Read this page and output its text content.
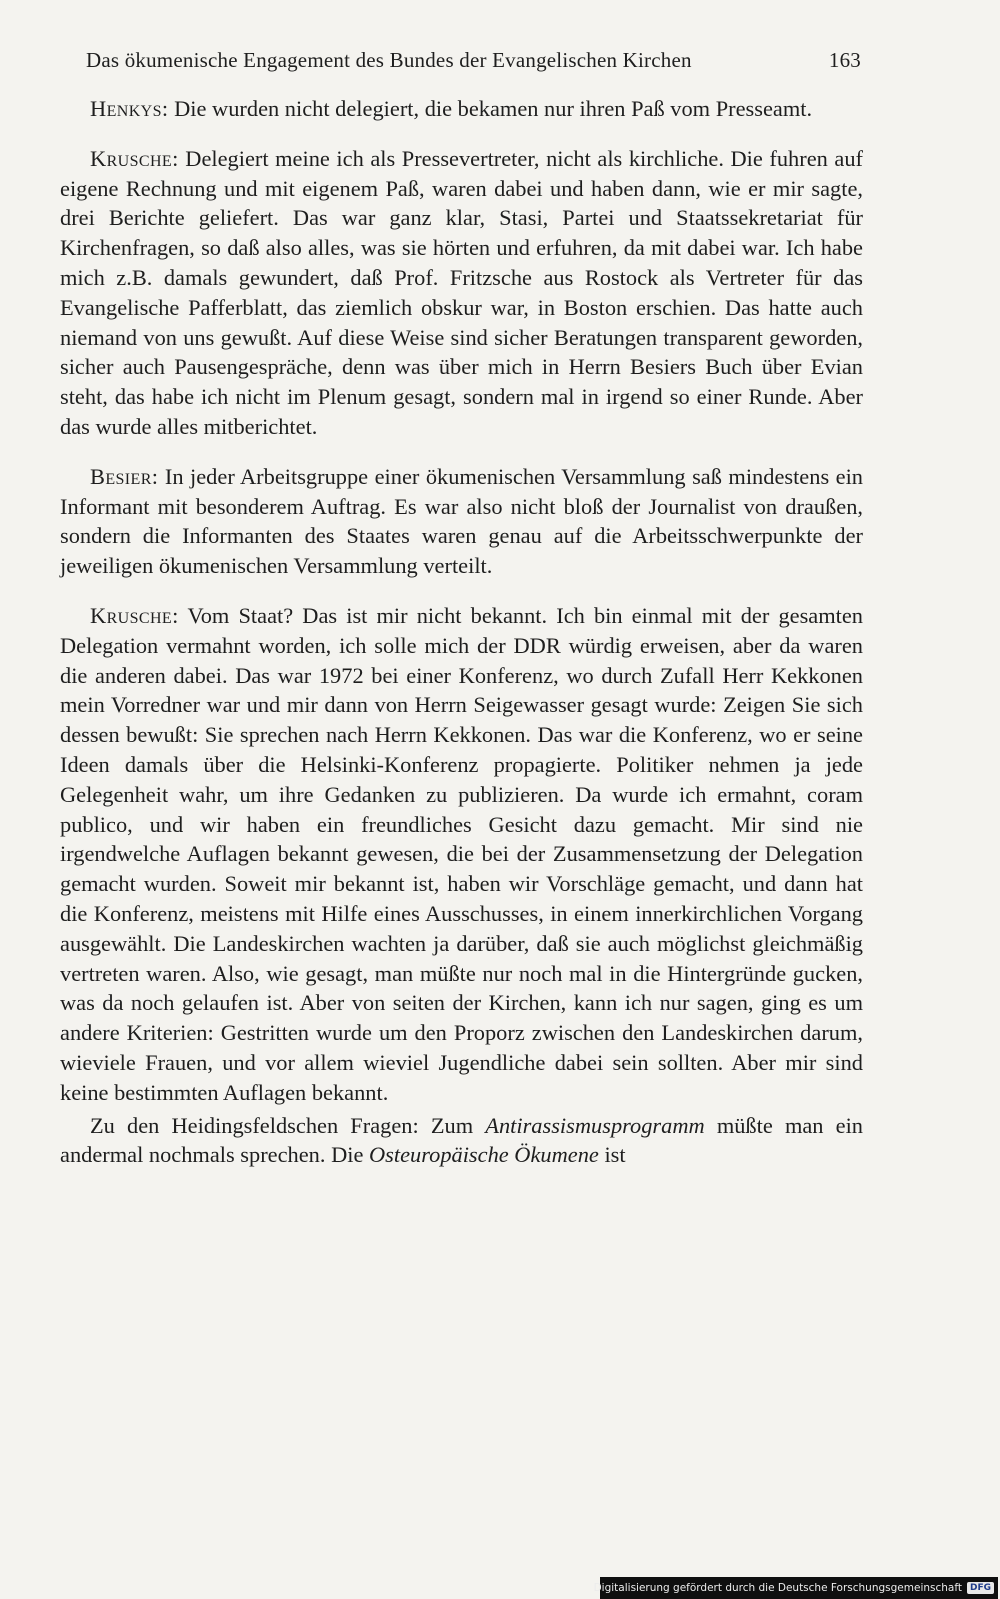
Das ökumenische Engagement des Bundes der Evangelischen Kirchen	163

Henkys: Die wurden nicht delegiert, die bekamen nur ihren Paß vom Presseamt.

Krusche: Delegiert meine ich als Pressevertreter, nicht als kirchliche. Die fuhren auf eigene Rechnung und mit eigenem Paß, waren dabei und haben dann, wie er mir sagte, drei Berichte geliefert. Das war ganz klar, Stasi, Partei und Staatssekretariat für Kirchenfragen, so daß also alles, was sie hörten und erfuhren, da mit dabei war. Ich habe mich z.B. damals gewundert, daß Prof. Fritzsche aus Rostock als Vertreter für das Evangelische Pafferblatt, das ziemlich obskur war, in Boston erschien. Das hatte auch niemand von uns gewußt. Auf diese Weise sind sicher Beratungen transparent geworden, sicher auch Pausengespräche, denn was über mich in Herrn Besiers Buch über Evian steht, das habe ich nicht im Plenum gesagt, sondern mal in irgend so einer Runde. Aber das wurde alles mitberichtet.

Besier: In jeder Arbeitsgruppe einer ökumenischen Versammlung saß mindestens ein Informant mit besonderem Auftrag. Es war also nicht bloß der Journalist von draußen, sondern die Informanten des Staates waren genau auf die Arbeitsschwerpunkte der jeweiligen ökumenischen Versammlung verteilt.

Krusche: Vom Staat? Das ist mir nicht bekannt. Ich bin einmal mit der gesamten Delegation vermahnt worden, ich solle mich der DDR würdig erweisen, aber da waren die anderen dabei. Das war 1972 bei einer Konferenz, wo durch Zufall Herr Kekkonen mein Vorredner war und mir dann von Herrn Seigewasser gesagt wurde: Zeigen Sie sich dessen bewußt: Sie sprechen nach Herrn Kekkonen. Das war die Konferenz, wo er seine Ideen damals über die Helsinki-Konferenz propagierte. Politiker nehmen ja jede Gelegenheit wahr, um ihre Gedanken zu publizieren. Da wurde ich ermahnt, coram publico, und wir haben ein freundliches Gesicht dazu gemacht. Mir sind nie irgendwelche Auflagen bekannt gewesen, die bei der Zusammensetzung der Delegation gemacht wurden. Soweit mir bekannt ist, haben wir Vorschläge gemacht, und dann hat die Konferenz, meistens mit Hilfe eines Ausschusses, in einem innerkirchlichen Vorgang ausgewählt. Die Landeskirchen wachten ja darüber, daß sie auch möglichst gleichmäßig vertreten waren. Also, wie gesagt, man müßte nur noch mal in die Hintergründe gucken, was da noch gelaufen ist. Aber von seiten der Kirchen, kann ich nur sagen, ging es um andere Kriterien: Gestritten wurde um den Proporz zwischen den Landeskirchen darum, wieviele Frauen, und vor allem wieviel Jugendliche dabei sein sollten. Aber mir sind keine bestimmten Auflagen bekannt.

Zu den Heidingsfeldschen Fragen: Zum Antirassismusprogramm müßte man ein andermal nochmals sprechen. Die Osteuropäische Ökumene ist

Digitalisierung gefördert durch die Deutsche Forschungsgemeinschaft DFG
